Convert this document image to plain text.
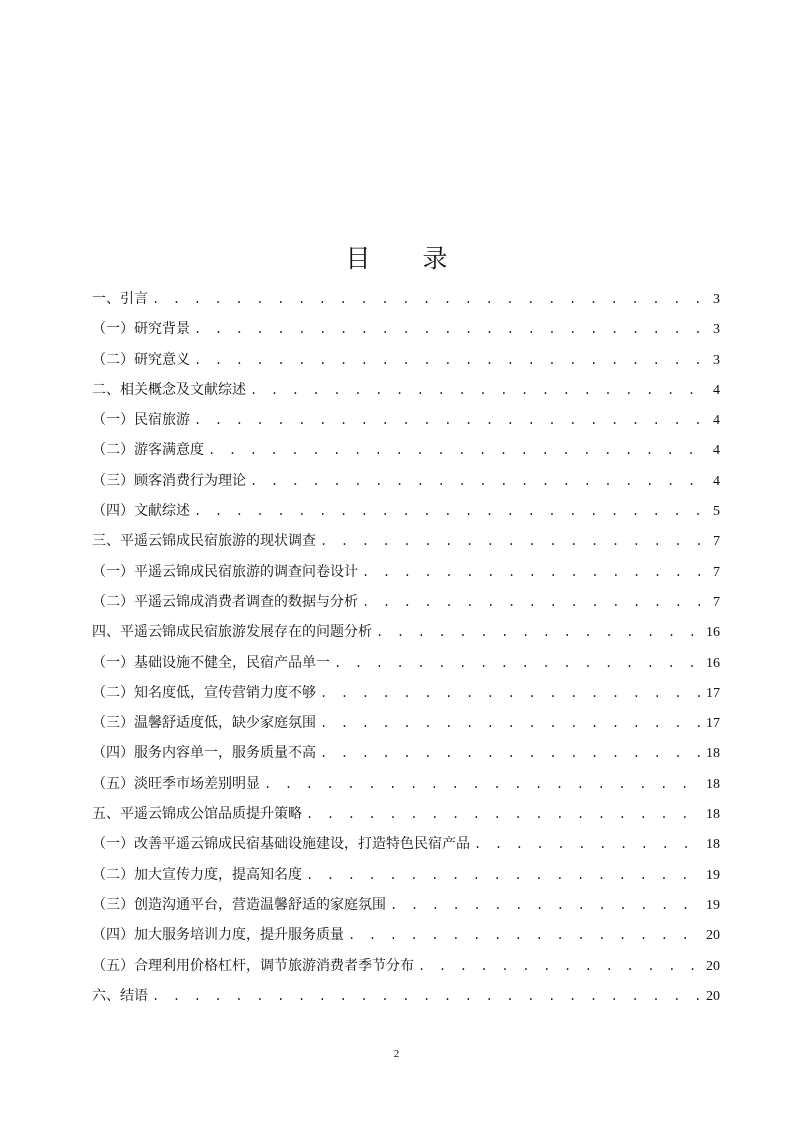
目 录
一、引言 . . .	3
（一）研究背景 . . .	3
（二）研究意义 . . .	3
二、相关概念及文献综述 . . .	4
（一）民宿旅游 . . .	4
（二）游客满意度 . . .	4
（三）顾客消费行为理论 . . .	4
（四）文献综述 . . .	5
三、平遥云锦成民宿旅游的现状调查 . . .	7
（一）平遥云锦成民宿旅游的调查问卷设计 . . .	7
（二）平遥云锦成消费者调查的数据与分析 . . .	7
四、平遥云锦成民宿旅游发展存在的问题分析 . . .	16
（一）基础设施不健全，民宿产品单一 . . .	16
（二）知名度低，宣传营销力度不够 . . .	17
（三）温馨舒适度低，缺少家庭氛围 . . .	17
（四）服务内容单一，服务质量不高 . . .	18
（五）淡旺季市场差别明显 . . .	18
五、平遥云锦成公馆品质提升策略 . . .	18
（一）改善平遥云锦成民宿基础设施建设，打造特色民宿产品 . . .	18
（二）加大宣传力度，提高知名度 . . .	19
（三）创造沟通平台，营造温馨舒适的家庭氛围 . . .	19
（四）加大服务培训力度，提升服务质量 . . .	20
（五）合理利用价格杠杆，调节旅游消费者季节分布 . . .	20
六、结语 . . .	20
2
